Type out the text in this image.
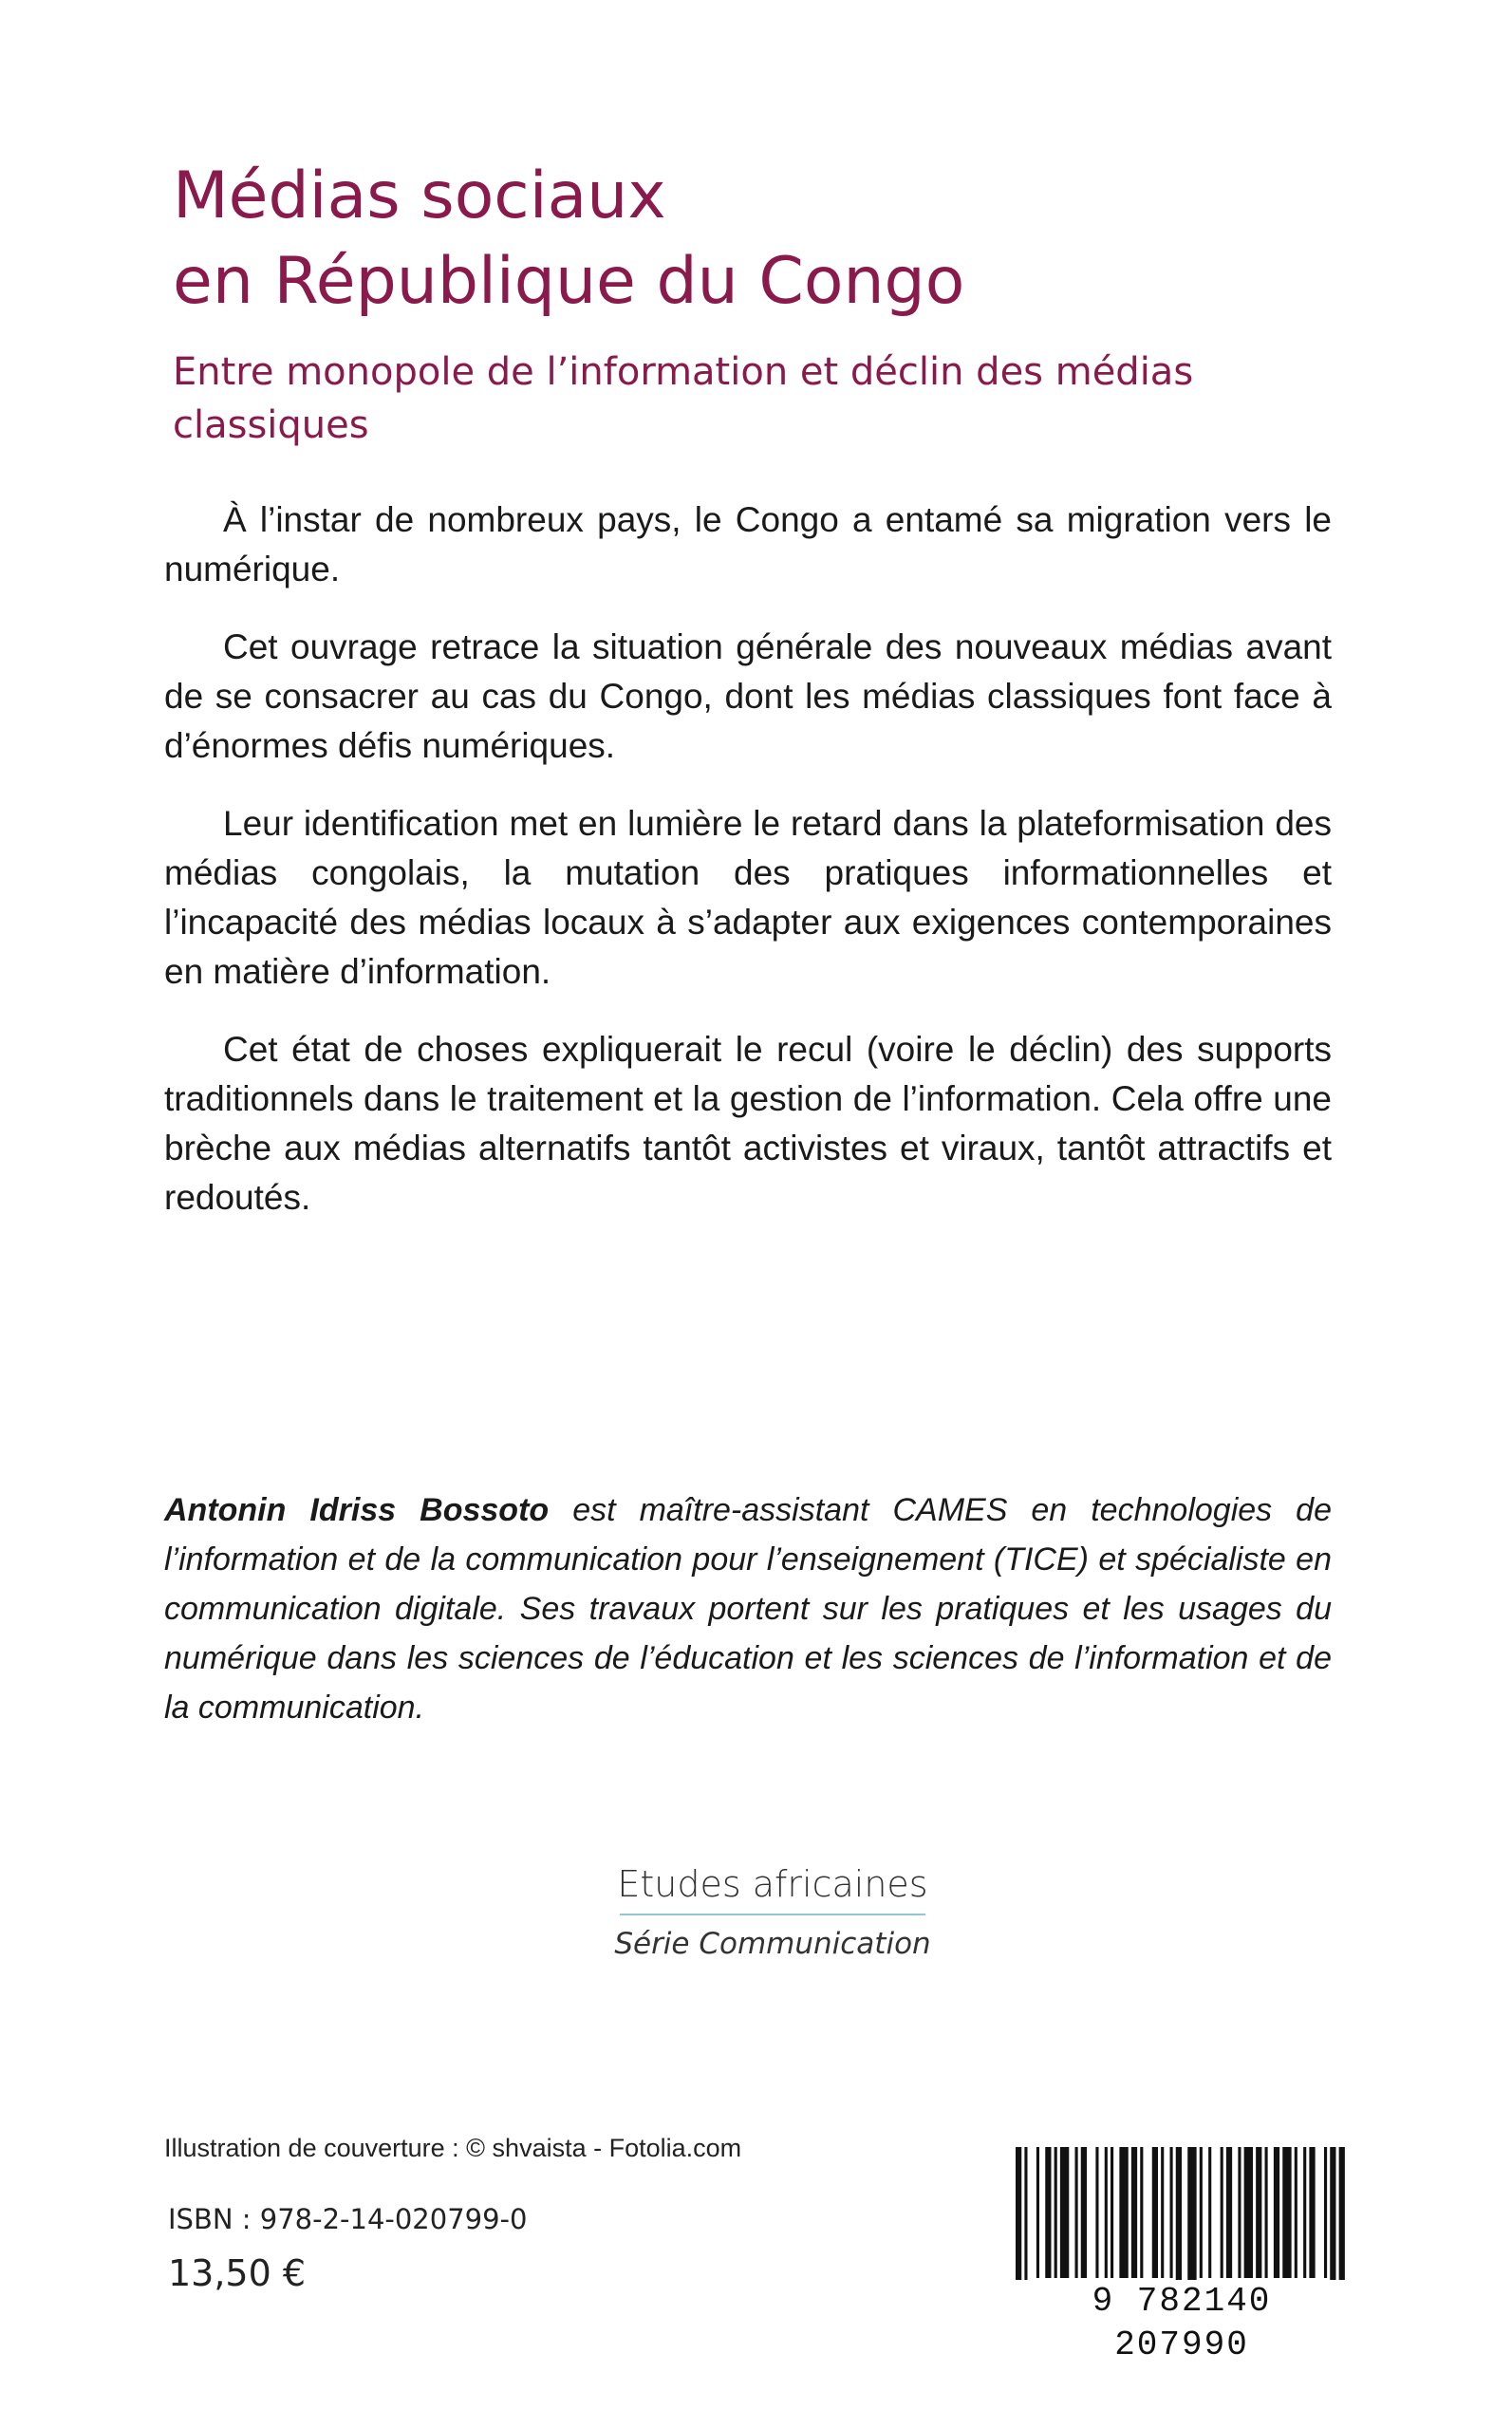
Médias sociaux
en République du Congo
Entre monopole de l’information et déclin des médias classiques

À l’instar de nombreux pays, le Congo a entamé sa migration vers le numérique.

Cet ouvrage retrace la situation générale des nouveaux médias avant de se consacrer au cas du Congo, dont les médias classiques font face à d’énormes défis numériques.

Leur identification met en lumière le retard dans la plateformisation des médias congolais, la mutation des pratiques informationnelles et l’incapacité des médias locaux à s’adapter aux exigences contemporaines en matière d’information.

Cet état de choses expliquerait le recul (voire le déclin) des supports traditionnels dans le traitement et la gestion de l’information. Cela offre une brèche aux médias alternatifs tantôt activistes et viraux, tantôt attractifs et redoutés.

Antonin Idriss Bossoto est maître-assistant CAMES en technologies de l’information et de la communication pour l’enseignement (TICE) et spécialiste en communication digitale. Ses travaux portent sur les pratiques et les usages du numérique dans les sciences de l’éducation et les sciences de l’information et de la communication.

Etudes africaines
Série Communication
Illustration de couverture : © shvaista - Fotolia.com
ISBN : 978-2-14-020799-0
13,50 €
9 782140 207990
